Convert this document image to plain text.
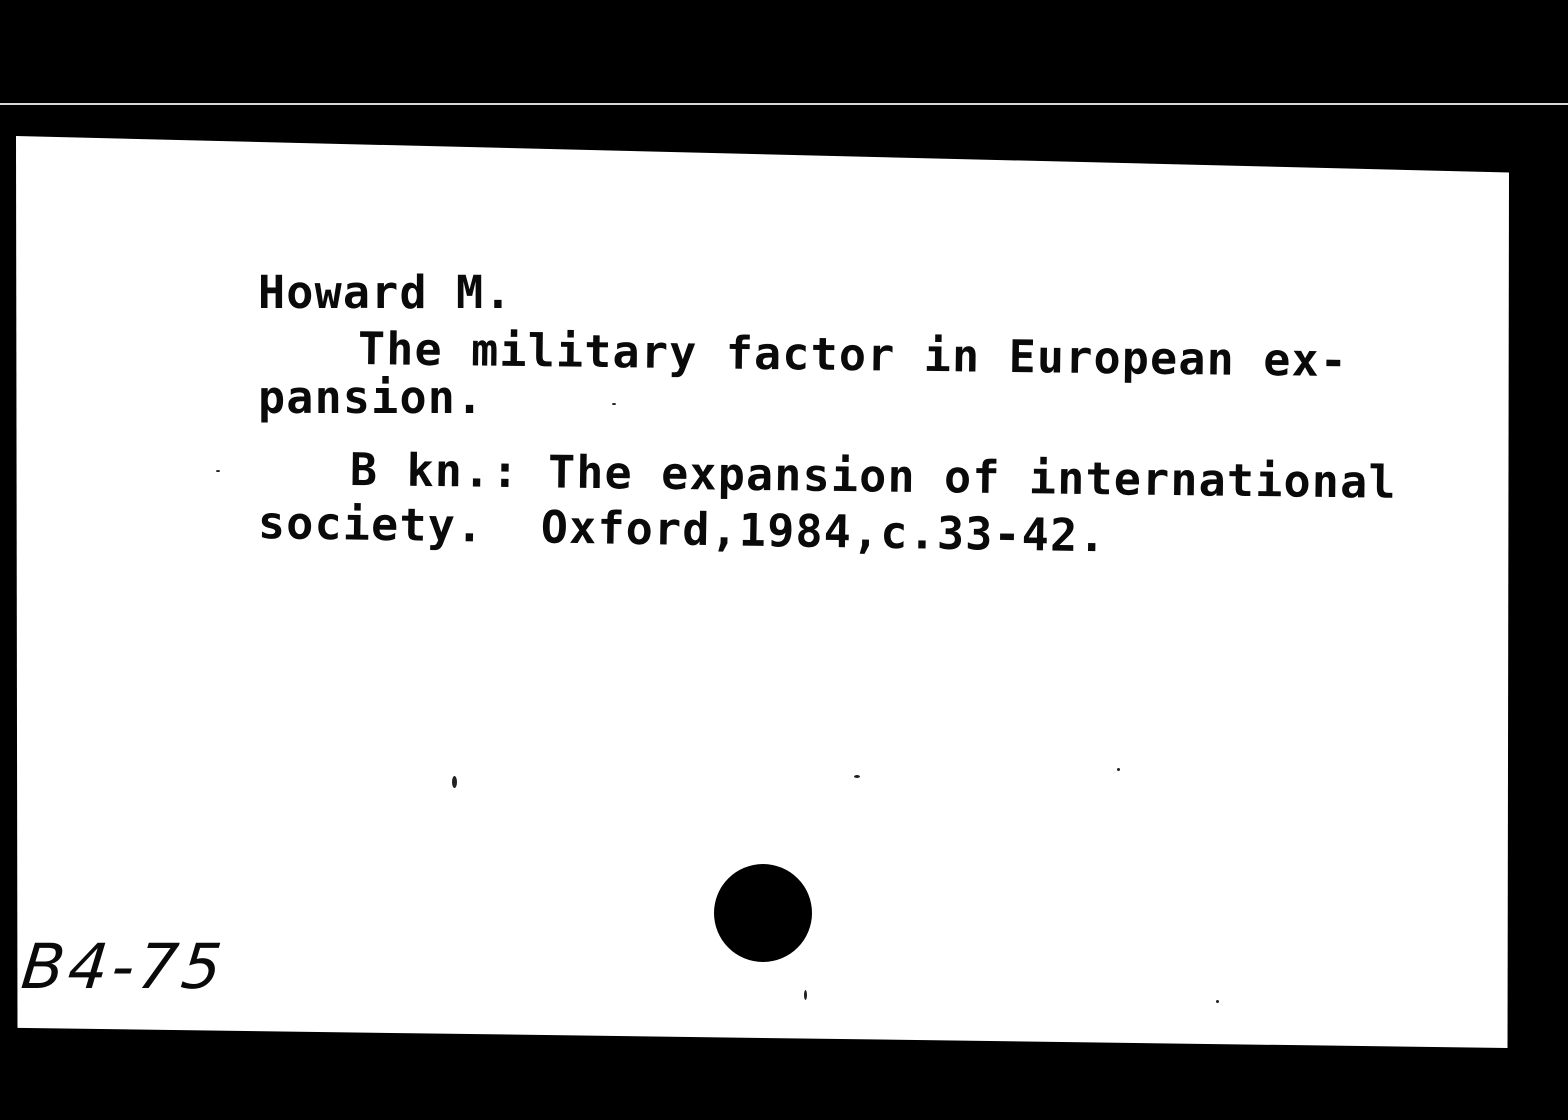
Howard M.
The military factor in European ex-
pansion.
B kn.: The expansion of international
society.  Oxford,1984,c.33-42.
B4-75
